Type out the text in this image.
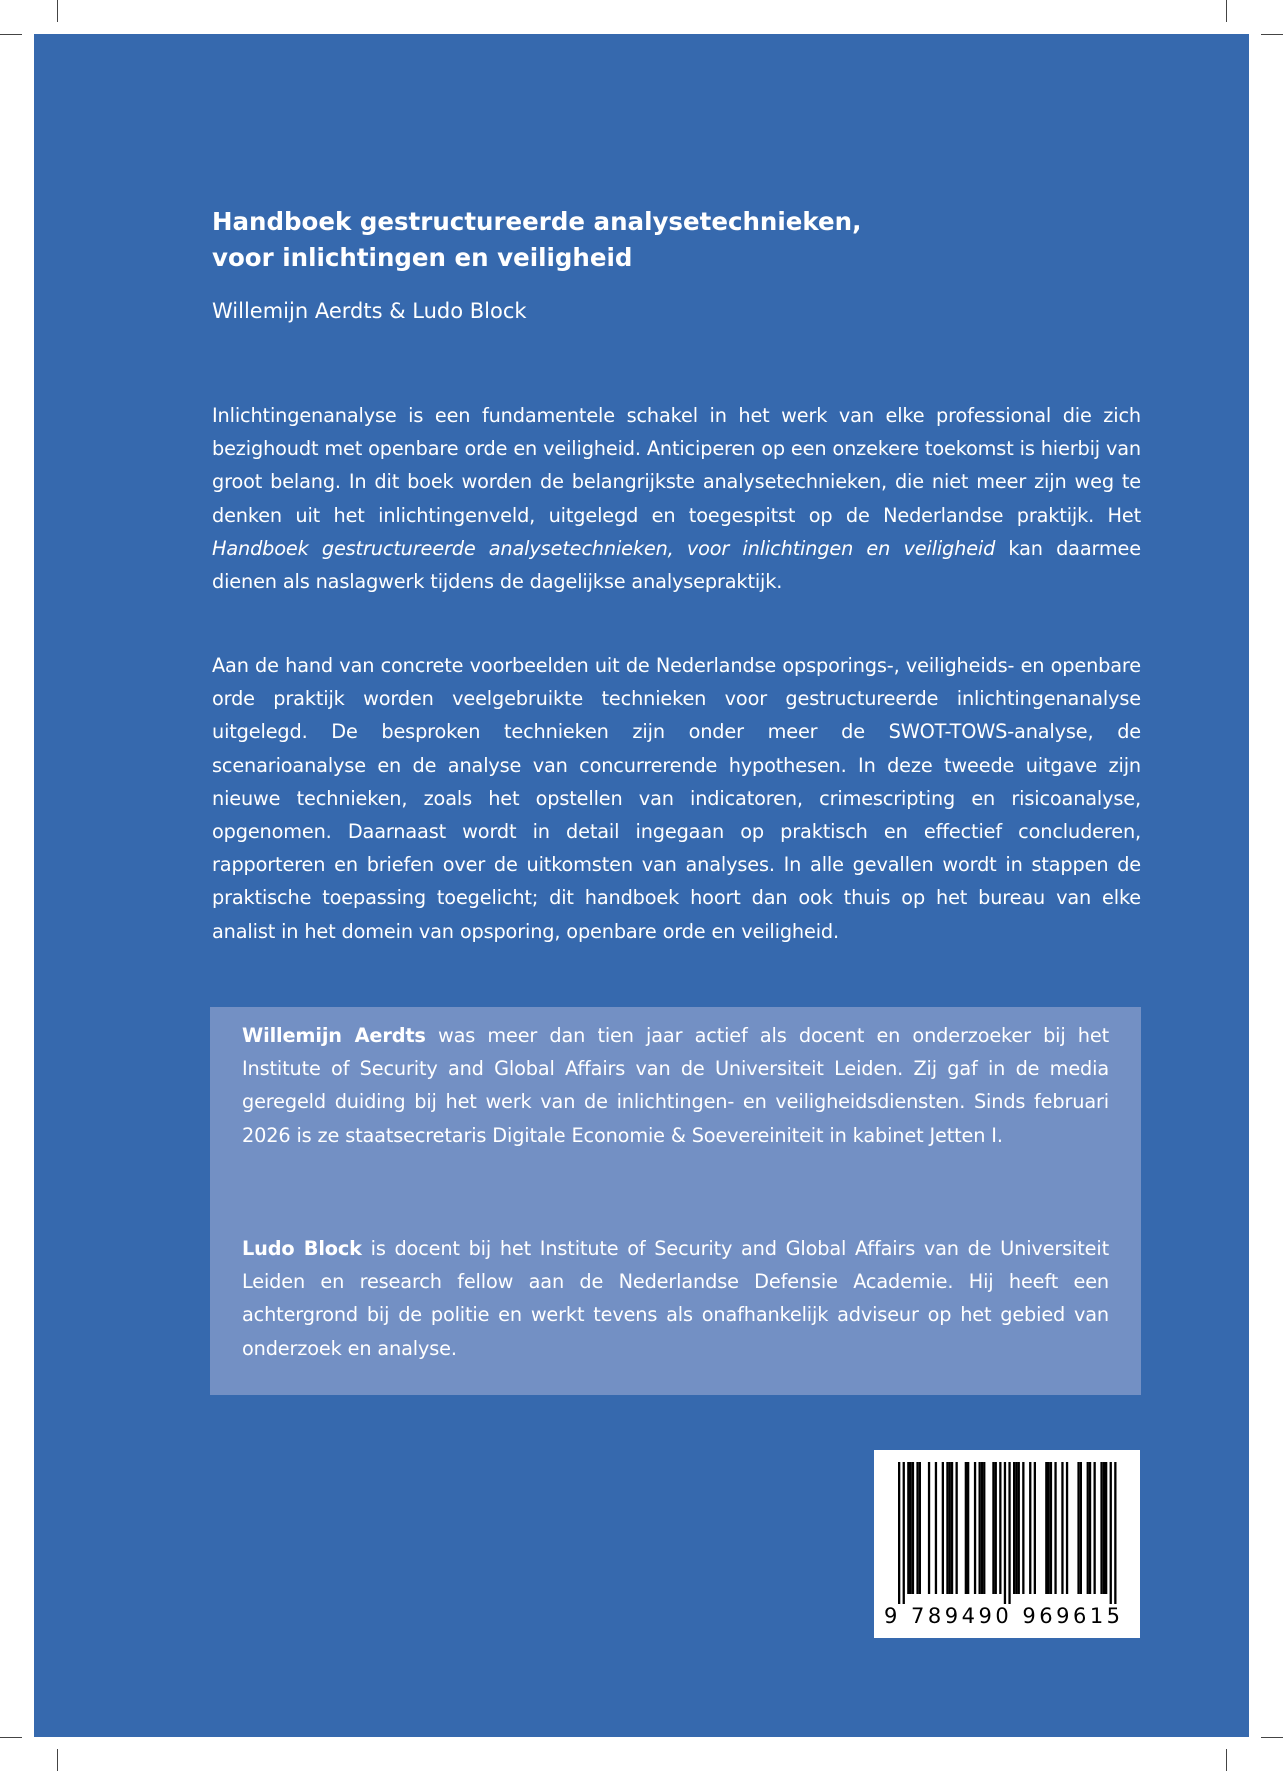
Handboek gestructureerde analysetechnieken,
voor inlichtingen en veiligheid

Willemijn Aerdts & Ludo Block

Inlichtingenanalyse is een fundamentele schakel in het werk van elke professional die zich bezighoudt met openbare orde en veiligheid. Anticiperen op een onzekere toekomst is hierbij van groot belang. In dit boek worden de belangrijkste analysetechnieken, die niet meer zijn weg te denken uit het inlichtingenveld, uitgelegd en toegespitst op de Nederlandse praktijk. Het Handboek gestructureerde analysetechnieken, voor inlichtingen en veiligheid kan daarmee dienen als naslagwerk tijdens de dagelijkse analysepraktijk.

Aan de hand van concrete voorbeelden uit de Nederlandse opsporings-, veiligheids- en openbare orde praktijk worden veelgebruikte technieken voor gestructureerde inlichtingenanalyse uitgelegd. De besproken technieken zijn onder meer de SWOT-TOWS-analyse, de scenarioanalyse en de analyse van concurrerende hypothesen. In deze tweede uitgave zijn nieuwe technieken, zoals het opstellen van indicatoren, crimescripting en risicoanalyse, opgenomen. Daarnaast wordt in detail ingegaan op praktisch en effectief concluderen, rapporteren en briefen over de uitkomsten van analyses. In alle gevallen wordt in stappen de praktische toepassing toegelicht; dit handboek hoort dan ook thuis op het bureau van elke analist in het domein van opsporing, openbare orde en veiligheid.

Willemijn Aerdts was meer dan tien jaar actief als docent en onderzoeker bij het Institute of Security and Global Affairs van de Universiteit Leiden. Zij gaf in de media geregeld duiding bij het werk van de inlichtingen- en veiligheidsdiensten. Sinds februari 2026 is ze staatsecretaris Digitale Economie & Soevereiniteit in kabinet Jetten I.

Ludo Block is docent bij het Institute of Security and Global Affairs van de Universiteit Leiden en research fellow aan de Nederlandse Defensie Academie. Hij heeft een achtergrond bij de politie en werkt tevens als onafhankelijk adviseur op het gebied van onderzoek en analyse.

9 789490 969615
